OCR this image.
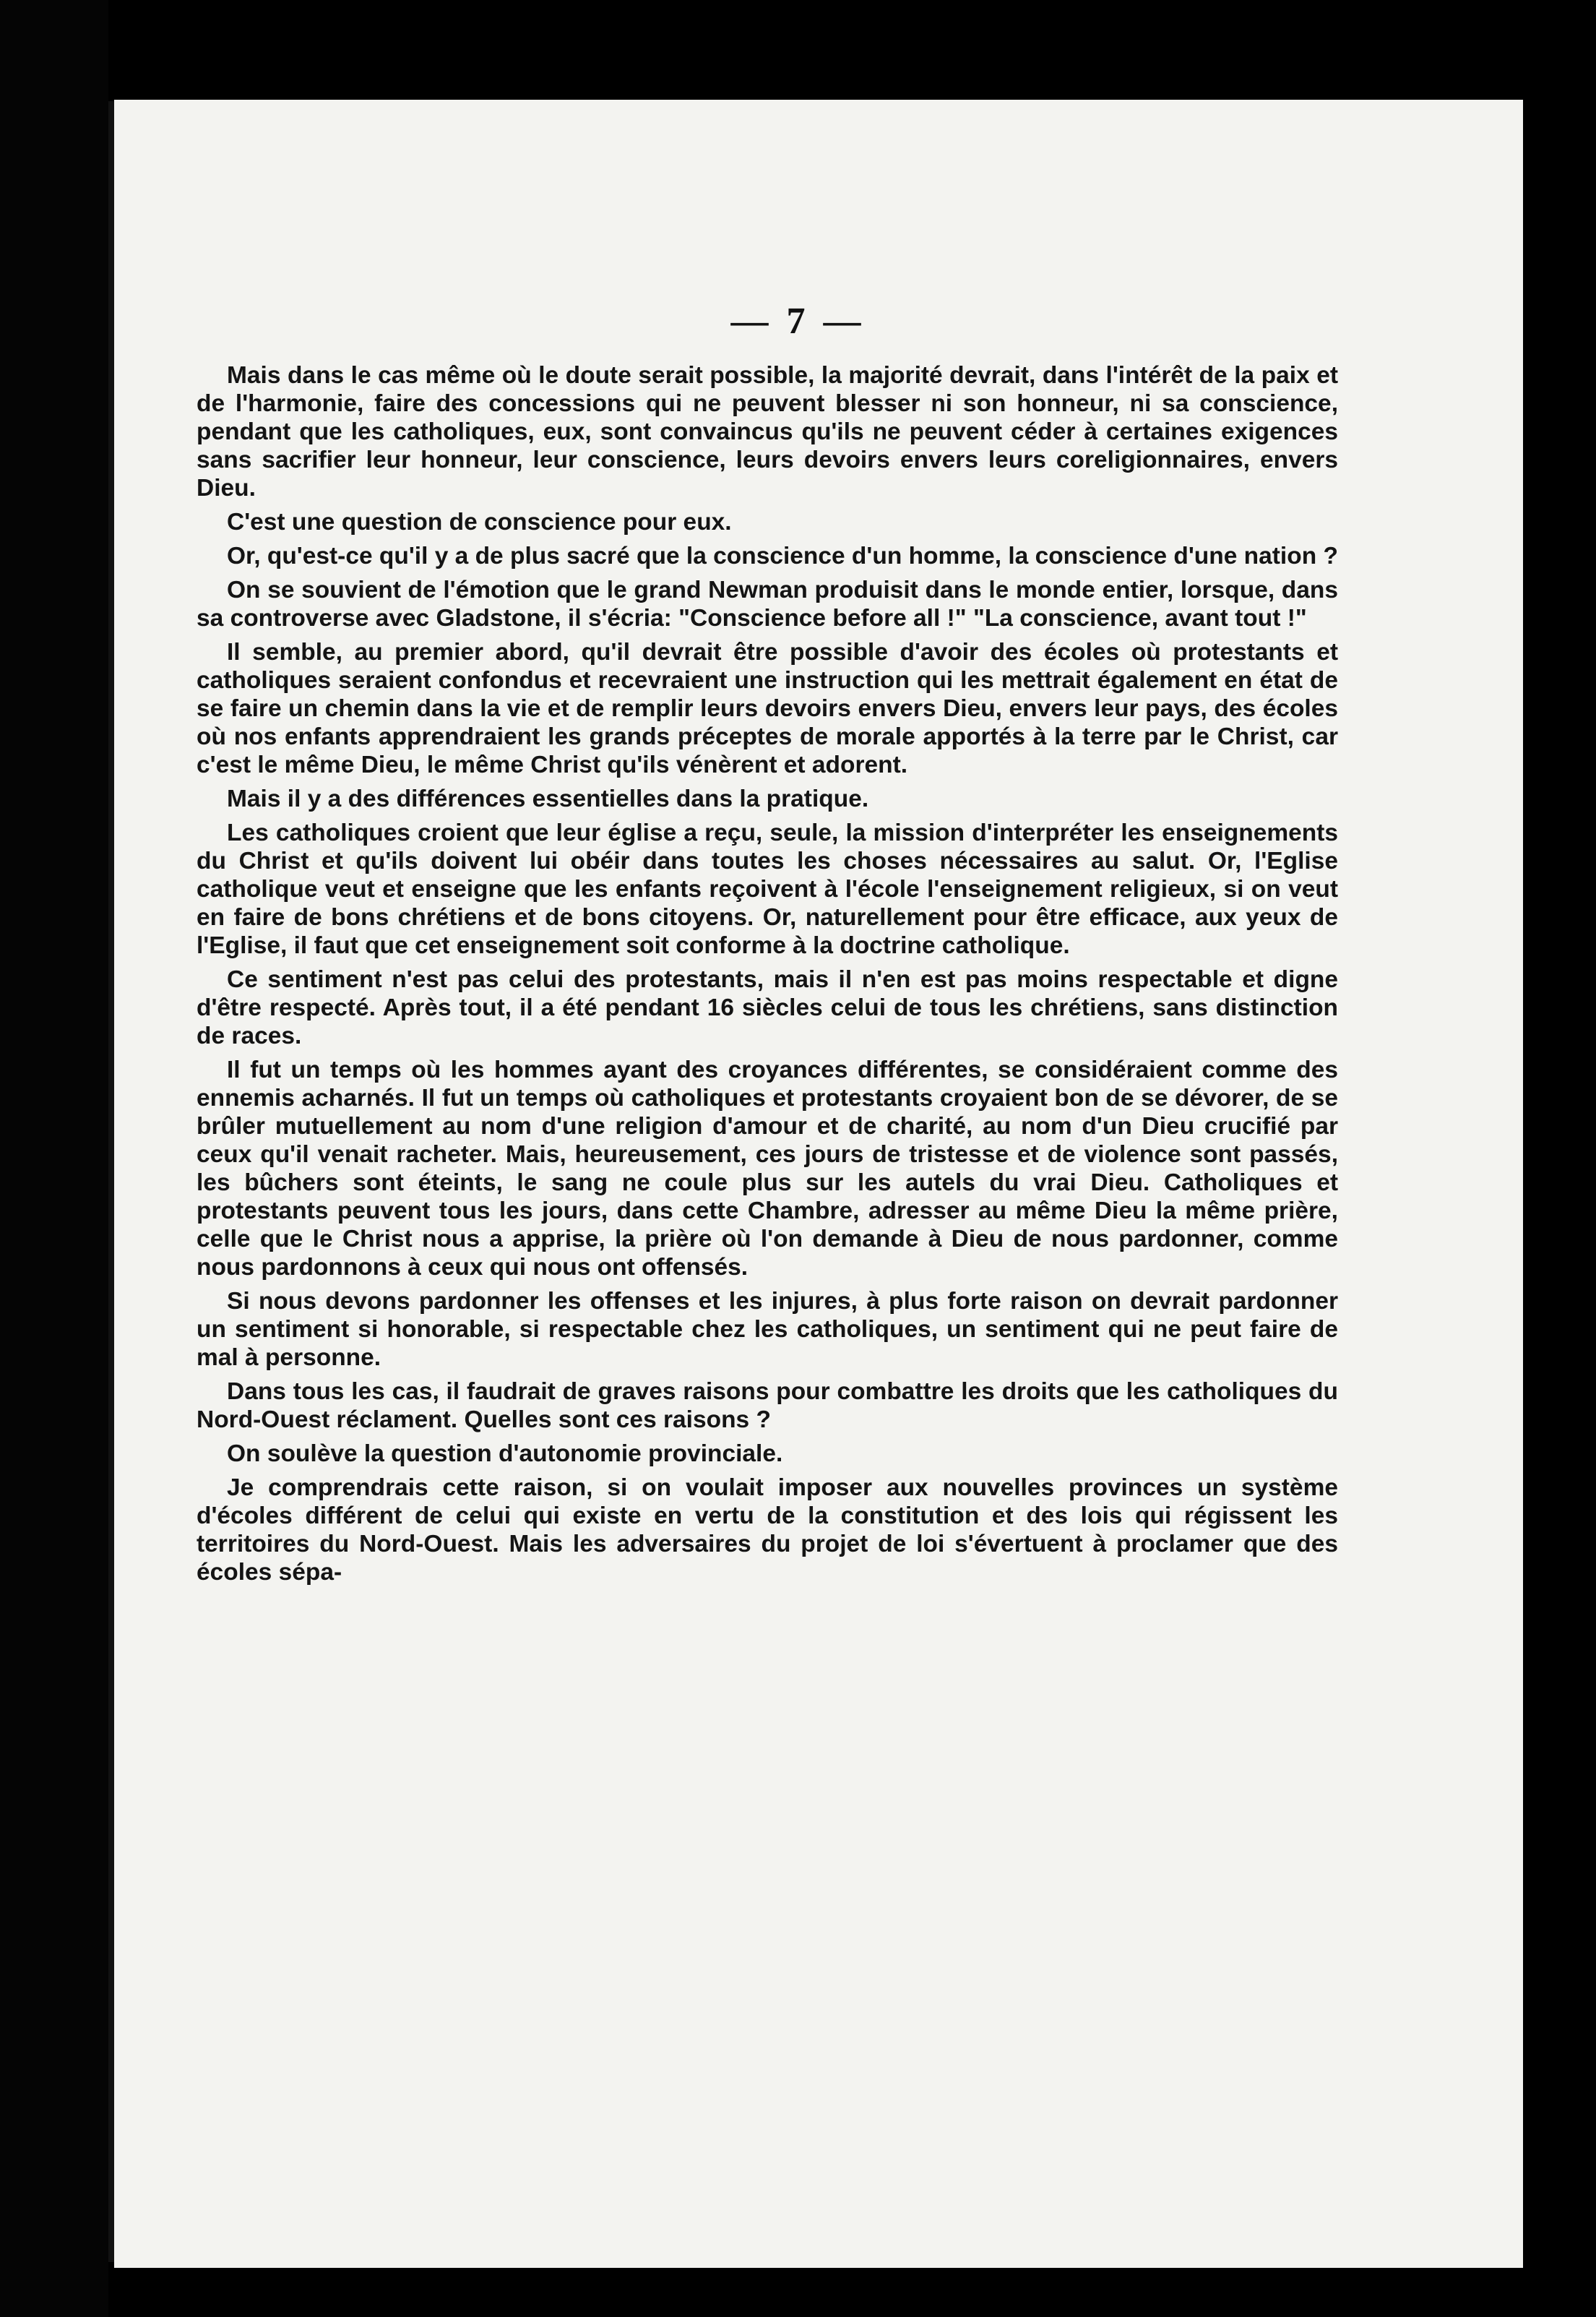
— 7 —

Mais dans le cas même où le doute serait possible, la majorité devrait, dans l'intérêt de la paix et de l'harmonie, faire des concessions qui ne peuvent blesser ni son honneur, ni sa conscience, pendant que les catholiques, eux, sont convaincus qu'ils ne peuvent céder à certaines exigences sans sacrifier leur honneur, leur conscience, leurs devoirs envers leurs coreligionnaires, envers Dieu.

C'est une question de conscience pour eux.

Or, qu'est-ce qu'il y a de plus sacré que la conscience d'un homme, la conscience d'une nation ?

On se souvient de l'émotion que le grand Newman produisit dans le monde entier, lorsque, dans sa controverse avec Gladstone, il s'écria: "Conscience before all !" "La conscience, avant tout !"

Il semble, au premier abord, qu'il devrait être possible d'avoir des écoles où protestants et catholiques seraient confondus et recevraient une instruction qui les mettrait également en état de se faire un chemin dans la vie et de remplir leurs devoirs envers Dieu, envers leur pays, des écoles où nos enfants apprendraient les grands préceptes de morale apportés à la terre par le Christ, car c'est le même Dieu, le même Christ qu'ils vénèrent et adorent.

Mais il y a des différences essentielles dans la pratique.

Les catholiques croient que leur église a reçu, seule, la mission d'interpréter les enseignements du Christ et qu'ils doivent lui obéir dans toutes les choses nécessaires au salut. Or, l'Eglise catholique veut et enseigne que les enfants reçoivent à l'école l'enseignement religieux, si on veut en faire de bons chrétiens et de bons citoyens. Or, naturellement pour être efficace, aux yeux de l'Eglise, il faut que cet enseignement soit conforme à la doctrine catholique.

Ce sentiment n'est pas celui des protestants, mais il n'en est pas moins respectable et digne d'être respecté. Après tout, il a été pendant 16 siècles celui de tous les chrétiens, sans distinction de races.

Il fut un temps où les hommes ayant des croyances différentes, se considéraient comme des ennemis acharnés. Il fut un temps où catholiques et protestants croyaient bon de se dévorer, de se brûler mutuellement au nom d'une religion d'amour et de charité, au nom d'un Dieu crucifié par ceux qu'il venait racheter. Mais, heureusement, ces jours de tristesse et de violence sont passés, les bûchers sont éteints, le sang ne coule plus sur les autels du vrai Dieu. Catholiques et protestants peuvent tous les jours, dans cette Chambre, adresser au même Dieu la même prière, celle que le Christ nous a apprise, la prière où l'on demande à Dieu de nous pardonner, comme nous pardonnons à ceux qui nous ont offensés.

Si nous devons pardonner les offenses et les injures, à plus forte raison on devrait pardonner un sentiment si honorable, si respectable chez les catholiques, un sentiment qui ne peut faire de mal à personne.

Dans tous les cas, il faudrait de graves raisons pour combattre les droits que les catholiques du Nord-Ouest réclament. Quelles sont ces raisons ?

On soulève la question d'autonomie provinciale.

Je comprendrais cette raison, si on voulait imposer aux nouvelles provinces un système d'écoles différent de celui qui existe en vertu de la constitution et des lois qui régissent les territoires du Nord-Ouest. Mais les adversaires du projet de loi s'évertuent à proclamer que des écoles sépa-
